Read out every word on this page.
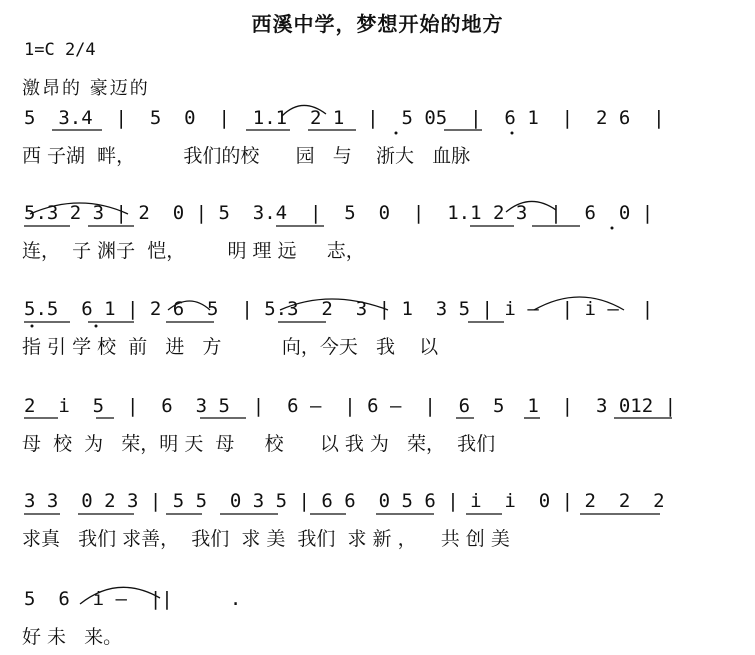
西溪中学，梦想开始的地方
1=C 2/4
激昂的 豪迈的
5  3.4  |  5  0  |  1.1  2 1  |  5 05  |  6 1  |  2 6  |
西 子湖  畔，        我们的校      园   与    浙大   血脉
5.3 2 3 | 2  0 | 5  3.4  |  5  0  |  1.1 2 3  |  6  0 |
连，  子 渊子  恺，       明 理 远     志，
5.5  6 1 | 2 6  5  | 5.3  2  3 | 1  3 5 | i —  | i —  |
指 引 学 校  前   进   方          向，今天   我    以
2  i  5  |  6  3 5  |  6 —  | 6 —  |  6  5  1  |  3 012 |
母  校  为   荣，明 天  母     校      以 我 为   荣，  我们
3 3  0 2 3 | 5 5  0 3 5 | 6 6  0 5 6 | i  i  0 | 2  2  2
求真   我们 求善，  我们  求 美  我们  求 新 ，    共 创 美
5  6  i —  ||     .
好 未   来。
